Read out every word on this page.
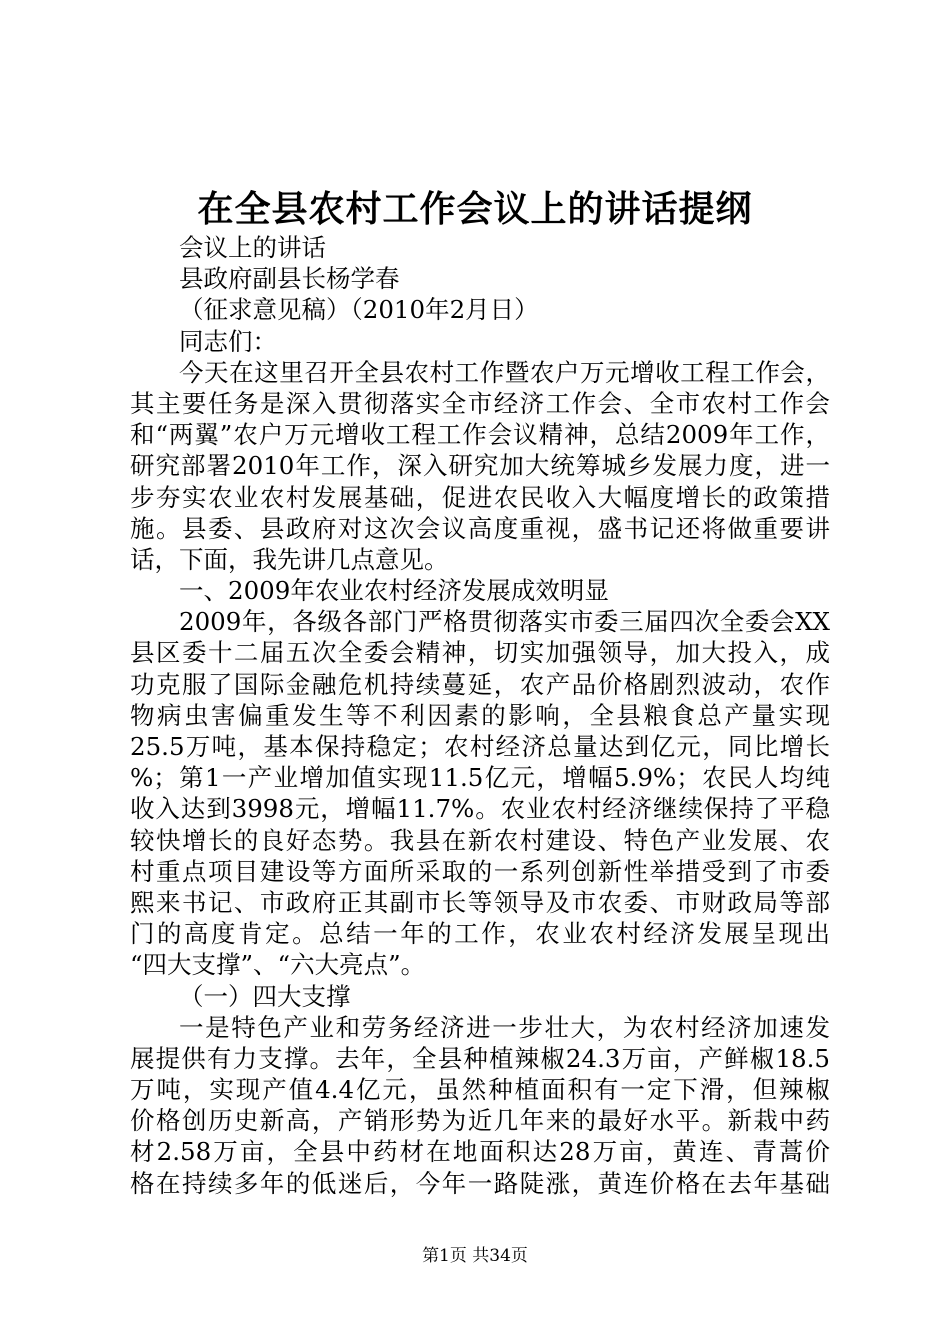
在全县农村工作会议上的讲话提纲
会议上的讲话
县政府副县长杨学春
（征求意见稿）（2010年2月日）
同志们：
今天在这里召开全县农村工作暨农户万元增收工程工作会，
其主要任务是深入贯彻落实全市经济工作会、全市农村工作会
和“两翼”农户万元增收工程工作会议精神，总结2009年工作，
研究部署2010年工作，深入研究加大统筹城乡发展力度，进一
步夯实农业农村发展基础，促进农民收入大幅度增长的政策措
施。县委、县政府对这次会议高度重视，盛书记还将做重要讲
话，下面，我先讲几点意见。
一、2009年农业农村经济发展成效明显
2009年，各级各部门严格贯彻落实市委三届四次全委会XX
县区委十二届五次全委会精神，切实加强领导，加大投入，成
功克服了国际金融危机持续蔓延，农产品价格剧烈波动，农作
物病虫害偏重发生等不利因素的影响，全县粮食总产量实现
25.5万吨，基本保持稳定；农村经济总量达到亿元，同比增长
%；第1一产业增加值实现11.5亿元，增幅5.9%；农民人均纯
收入达到3998元，增幅11.7%。农业农村经济继续保持了平稳
较快增长的良好态势。我县在新农村建设、特色产业发展、农
村重点项目建设等方面所采取的一系列创新性举措受到了市委
熙来书记、市政府正其副市长等领导及市农委、市财政局等部
门的高度肯定。总结一年的工作，农业农村经济发展呈现出
“四大支撑”、“六大亮点”。
（一）四大支撑
一是特色产业和劳务经济进一步壮大，为农村经济加速发
展提供有力支撑。去年，全县种植辣椒24.3万亩，产鲜椒18.5
万吨，实现产值4.4亿元，虽然种植面积有一定下滑，但辣椒
价格创历史新高，产销形势为近几年来的最好水平。新栽中药
材2.58万亩，全县中药材在地面积达28万亩，黄连、青蒿价
格在持续多年的低迷后，今年一路陡涨，黄连价格在去年基础
第1页 共34页
